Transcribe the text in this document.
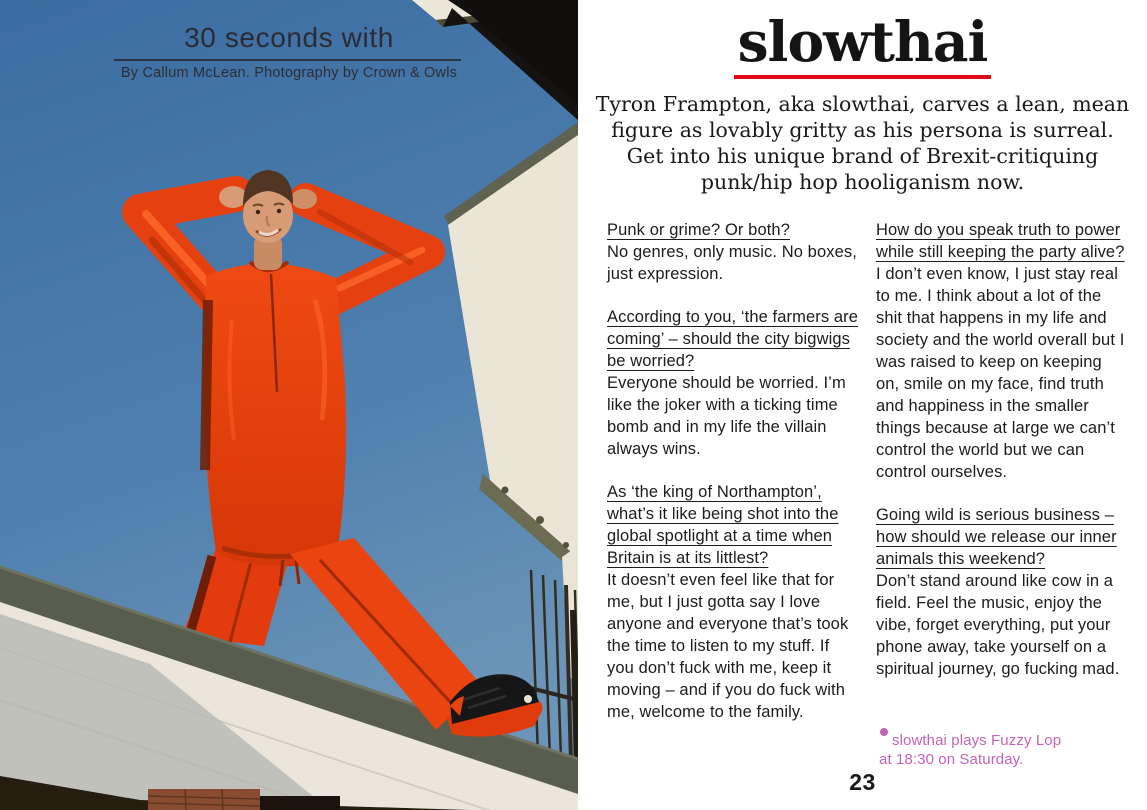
30 seconds with
By Callum McLean. Photography by Crown & Owls	slowthai
Tyron Frampton, aka slowthai, carves a lean, mean figure as lovably gritty as his persona is surreal. Get into his unique brand of Brexit-critiquing punk/hip hop hooliganism now.
Punk or grime? Or both?
No genres, only music. No boxes, just expression.
According to you, ‘the farmers are coming’ – should the city bigwigs be worried?
Everyone should be worried. I’m like the joker with a ticking time bomb and in my life the villain always wins.
As ‘the king of Northampton’, what’s it like being shot into the global spotlight at a time when Britain is at its littlest?
It doesn’t even feel like that for me, but I just gotta say I love anyone and everyone that’s took the time to listen to my stuff. If you don’t fuck with me, keep it moving – and if you do fuck with me, welcome to the family.
How do you speak truth to power while still keeping the party alive?
I don’t even know, I just stay real to me. I think about a lot of the shit that happens in my life and society and the world overall but I was raised to keep on keeping on, smile on my face, find truth and happiness in the smaller things because at large we can’t control the world but we can control ourselves.
Going wild is serious business – how should we release our inner animals this weekend?
Don’t stand around like cow in a field. Feel the music, enjoy the vibe, forget everything, put your phone away, take yourself on a spiritual journey, go fucking mad.
slowthai plays Fuzzy Lop at 18:30 on Saturday.
23
